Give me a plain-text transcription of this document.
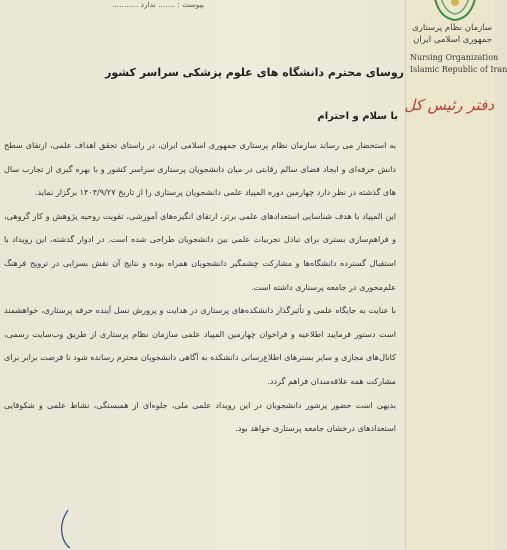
سازمان نظام پرستاری
جمهوری اسلامی ایران
Nursing Organization
Islamic Republic of Iran
دفتر رئیس کل
پیوست : ....... ندارد ...........
روسای محترم دانشگاه های علوم پزشکی سراسر کشور
با سلام و احترام

به استحضار می رساند سازمان نظام پرستاری جمهوری اسلامی ایران، در راستای تحقق اهداف علمی، ارتقای سطح دانش حرفه‌ای و ایجاد فضای سالم رقابتی در میان دانشجویان پرستاری سراسر کشور و با بهره گیری از تجارب سال های گذشته در نظر دارد چهارمین دوره المپیاد علمی دانشجویان پرستاری را از تاریخ ۱۴۰۴/۹/۲۷ برگزار نماید.

این المپیاد با هدف شناسایی استعدادهای علمی برتر، ارتقای انگیزه‌های آموزشی، تقویت روحیه پژوهش و کار گروهی، و فراهم‌سازی بستری برای تبادل تجربیات علمی بین دانشجویان طراحی شده است. در ادوار گذشته، این رویداد با استقبال گسترده دانشگاه‌ها و مشارکت چشمگیر دانشجویان همراه بوده و نتایج آن نقش بسزایی در ترویج فرهنگ علم‌محوری در جامعه پرستاری داشته است.

با عنایت به جایگاه علمی و تأثیرگذار دانشکده‌های پرستاری در هدایت و پرورش نسل آینده حرفه پرستاری، خواهشمند است دستور فرمایید اطلاعیه و فراخوان چهارمین المپیاد علمی سازمان نظام پرستاری از طریق وب‌سایت رسمی، کانال‌های مجازی و سایر بسترهای اطلاع‌رسانی دانشکده به آگاهی دانشجویان محترم رسانده شود تا فرصت برابر برای مشارکت همه علاقه‌مندان فراهم گردد.

بدیهی است حضور پرشور دانشجویان در این رویداد علمی ملی، جلوه‌ای از همبستگی، نشاط علمی و شکوفایی استعدادهای درخشان جامعه پرستاری خواهد بود.
